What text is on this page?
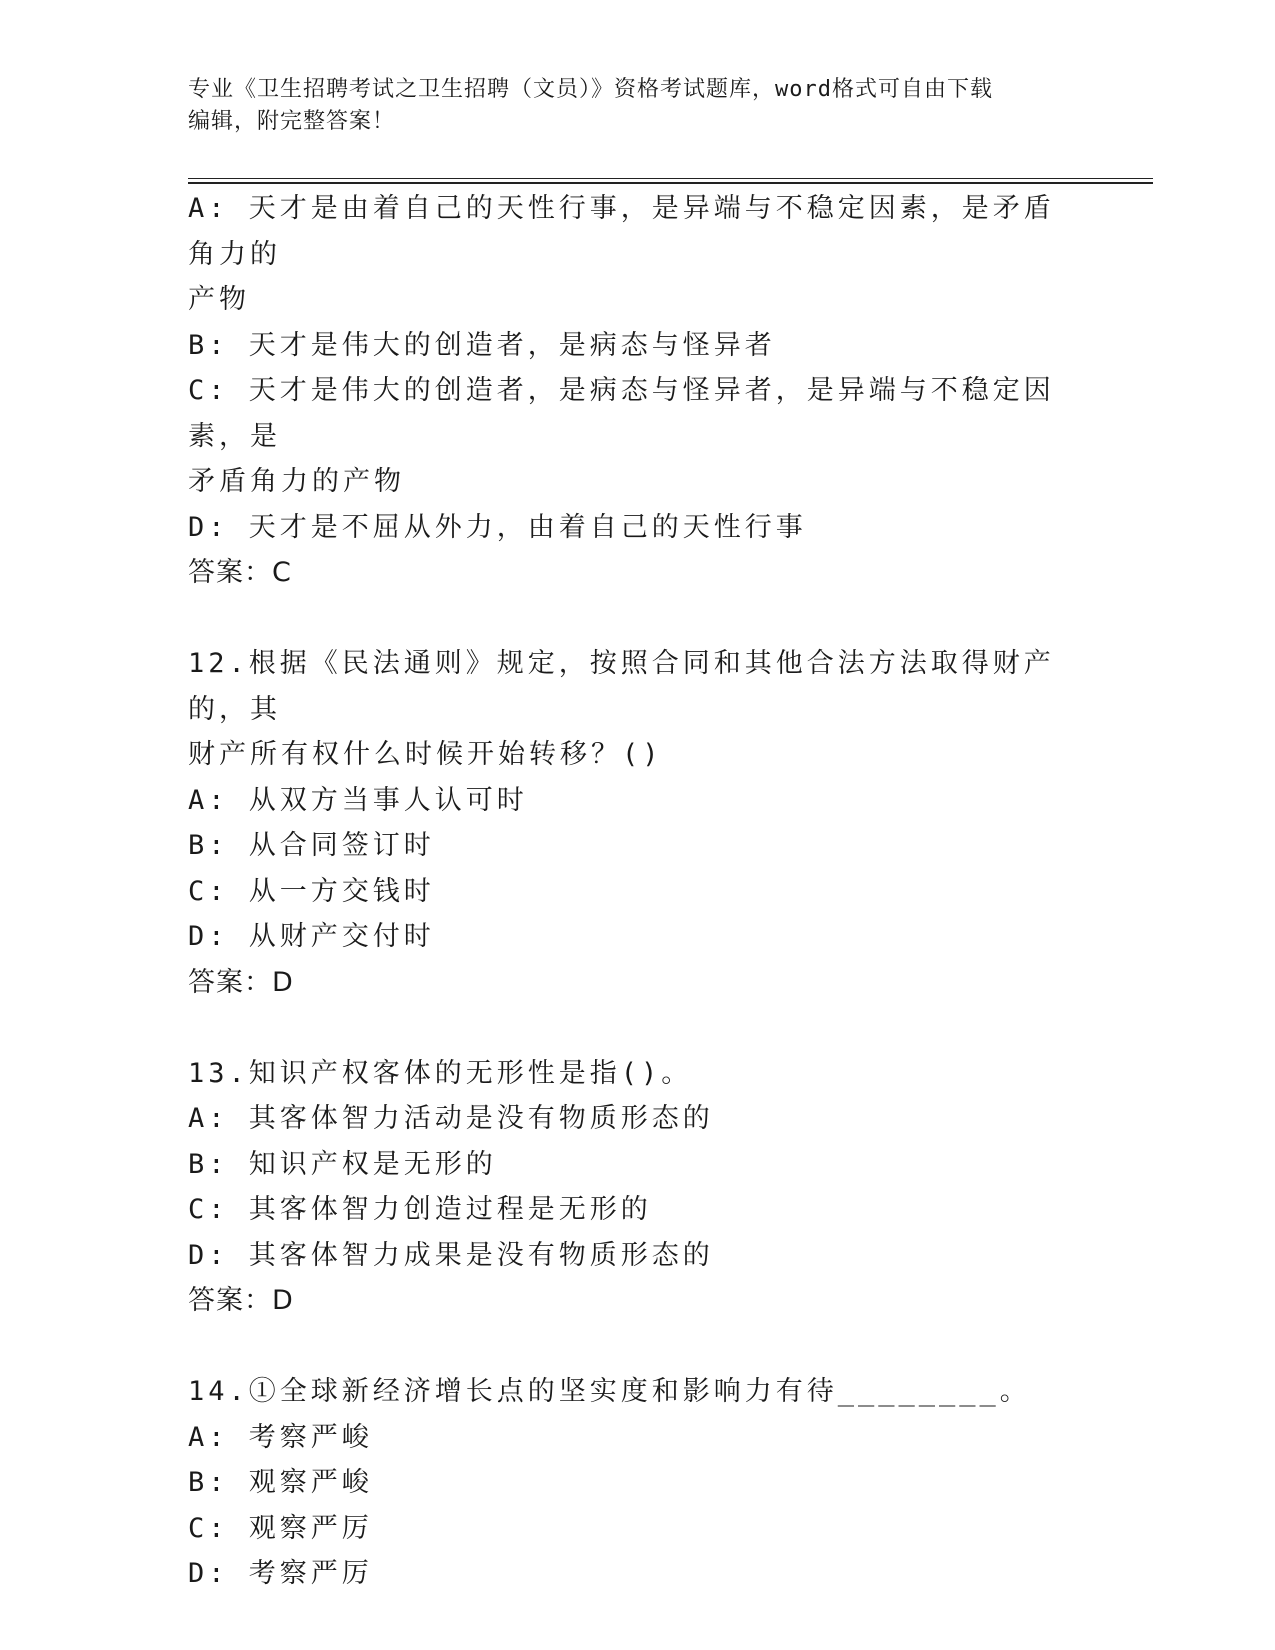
专业《卫生招聘考试之卫生招聘（文员）》资格考试题库，word格式可自由下载
编辑，附完整答案！
A: 天才是由着自己的天性行事，是异端与不稳定因素，是矛盾角力的
产物
B: 天才是伟大的创造者，是病态与怪异者
C: 天才是伟大的创造者，是病态与怪异者，是异端与不稳定因素，是
矛盾角力的产物
D: 天才是不屈从外力，由着自己的天性行事
答案：C
12.根据《民法通则》规定，按照合同和其他合法方法取得财产的，其
财产所有权什么时候开始转移？()
A: 从双方当事人认可时
B: 从合同签订时
C: 从一方交钱时
D: 从财产交付时
答案：D
13.知识产权客体的无形性是指()。
A: 其客体智力活动是没有物质形态的
B: 知识产权是无形的
C: 其客体智力创造过程是无形的
D: 其客体智力成果是没有物质形态的
答案：D
14.①全球新经济增长点的坚实度和影响力有待________。
A: 考察严峻
B: 观察严峻
C: 观察严厉
D: 考察严厉
